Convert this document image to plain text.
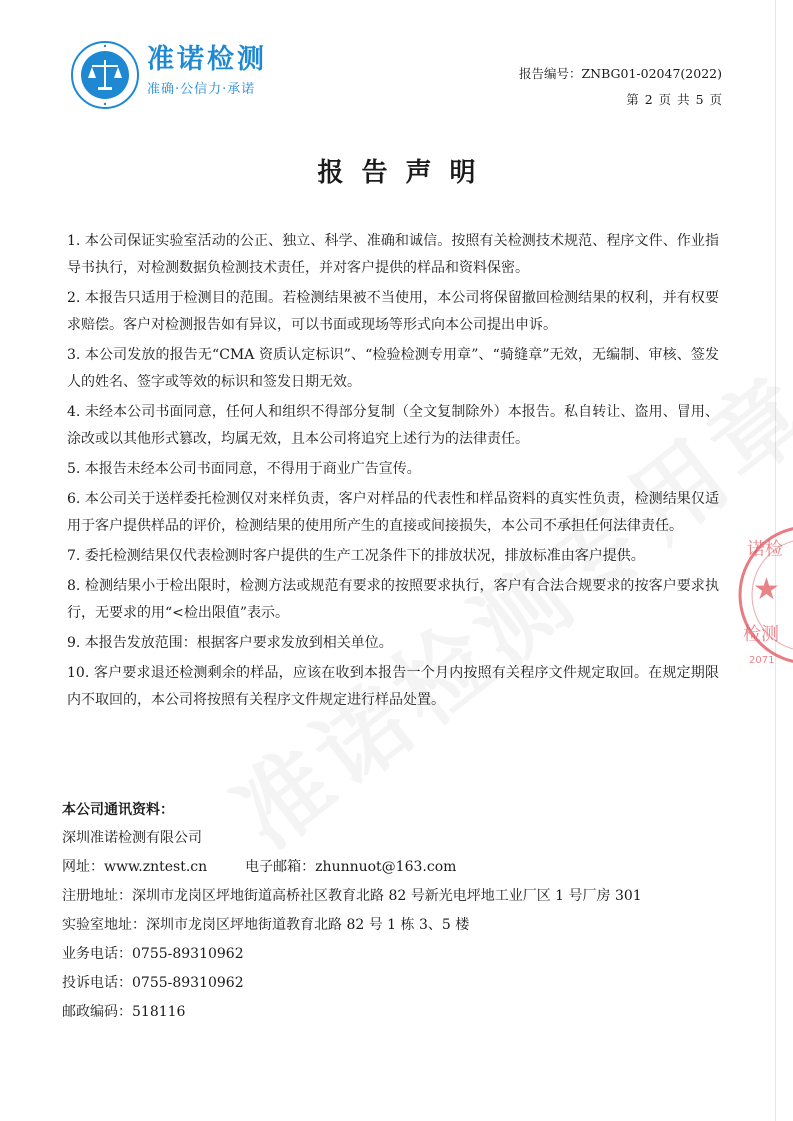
准诺检测
准确·公信力·承诺
报告编号：ZNBG01-02047(2022)
第 2 页 共 5 页
报告声明
1. 本公司保证实验室活动的公正、独立、科学、准确和诚信。按照有关检测技术规范、程序文件、作业指导书执行，对检测数据负检测技术责任，并对客户提供的样品和资料保密。
2. 本报告只适用于检测目的范围。若检测结果被不当使用，本公司将保留撤回检测结果的权利，并有权要求赔偿。客户对检测报告如有异议，可以书面或现场等形式向本公司提出申诉。
3. 本公司发放的报告无“CMA 资质认定标识”、“检验检测专用章”、“骑缝章”无效，无编制、审核、签发人的姓名、签字或等效的标识和签发日期无效。
4. 未经本公司书面同意，任何人和组织不得部分复制（全文复制除外）本报告。私自转让、盗用、冒用、涂改或以其他形式篡改，均属无效，且本公司将追究上述行为的法律责任。
5. 本报告未经本公司书面同意，不得用于商业广告宣传。
6. 本公司关于送样委托检测仅对来样负责，客户对样品的代表性和样品资料的真实性负责，检测结果仅适用于客户提供样品的评价，检测结果的使用所产生的直接或间接损失，本公司不承担任何法律责任。
7. 委托检测结果仅代表检测时客户提供的生产工况条件下的排放状况，排放标准由客户提供。
8. 检测结果小于检出限时，检测方法或规范有要求的按照要求执行，客户有合法合规要求的按客户要求执行，无要求的用“<检出限值”表示。
9. 本报告发放范围：根据客户要求发放到相关单位。
10. 客户要求退还检测剩余的样品，应该在收到本报告一个月内按照有关程序文件规定取回。在规定期限内不取回的，本公司将按照有关程序文件规定进行样品处置。
本公司通讯资料：
深圳准诺检测有限公司
网址：www.zntest.cn	电子邮箱：zhunnuot@163.com
注册地址：深圳市龙岗区坪地街道高桥社区教育北路 82 号新光电坪地工业厂区 1 号厂房 301
实验室地址：深圳市龙岗区坪地街道教育北路 82 号 1 栋 3、5 楼
业务电话：0755-89310962
投诉电话：0755-89310962
邮政编码：518116
诺检
★
检测
2071
